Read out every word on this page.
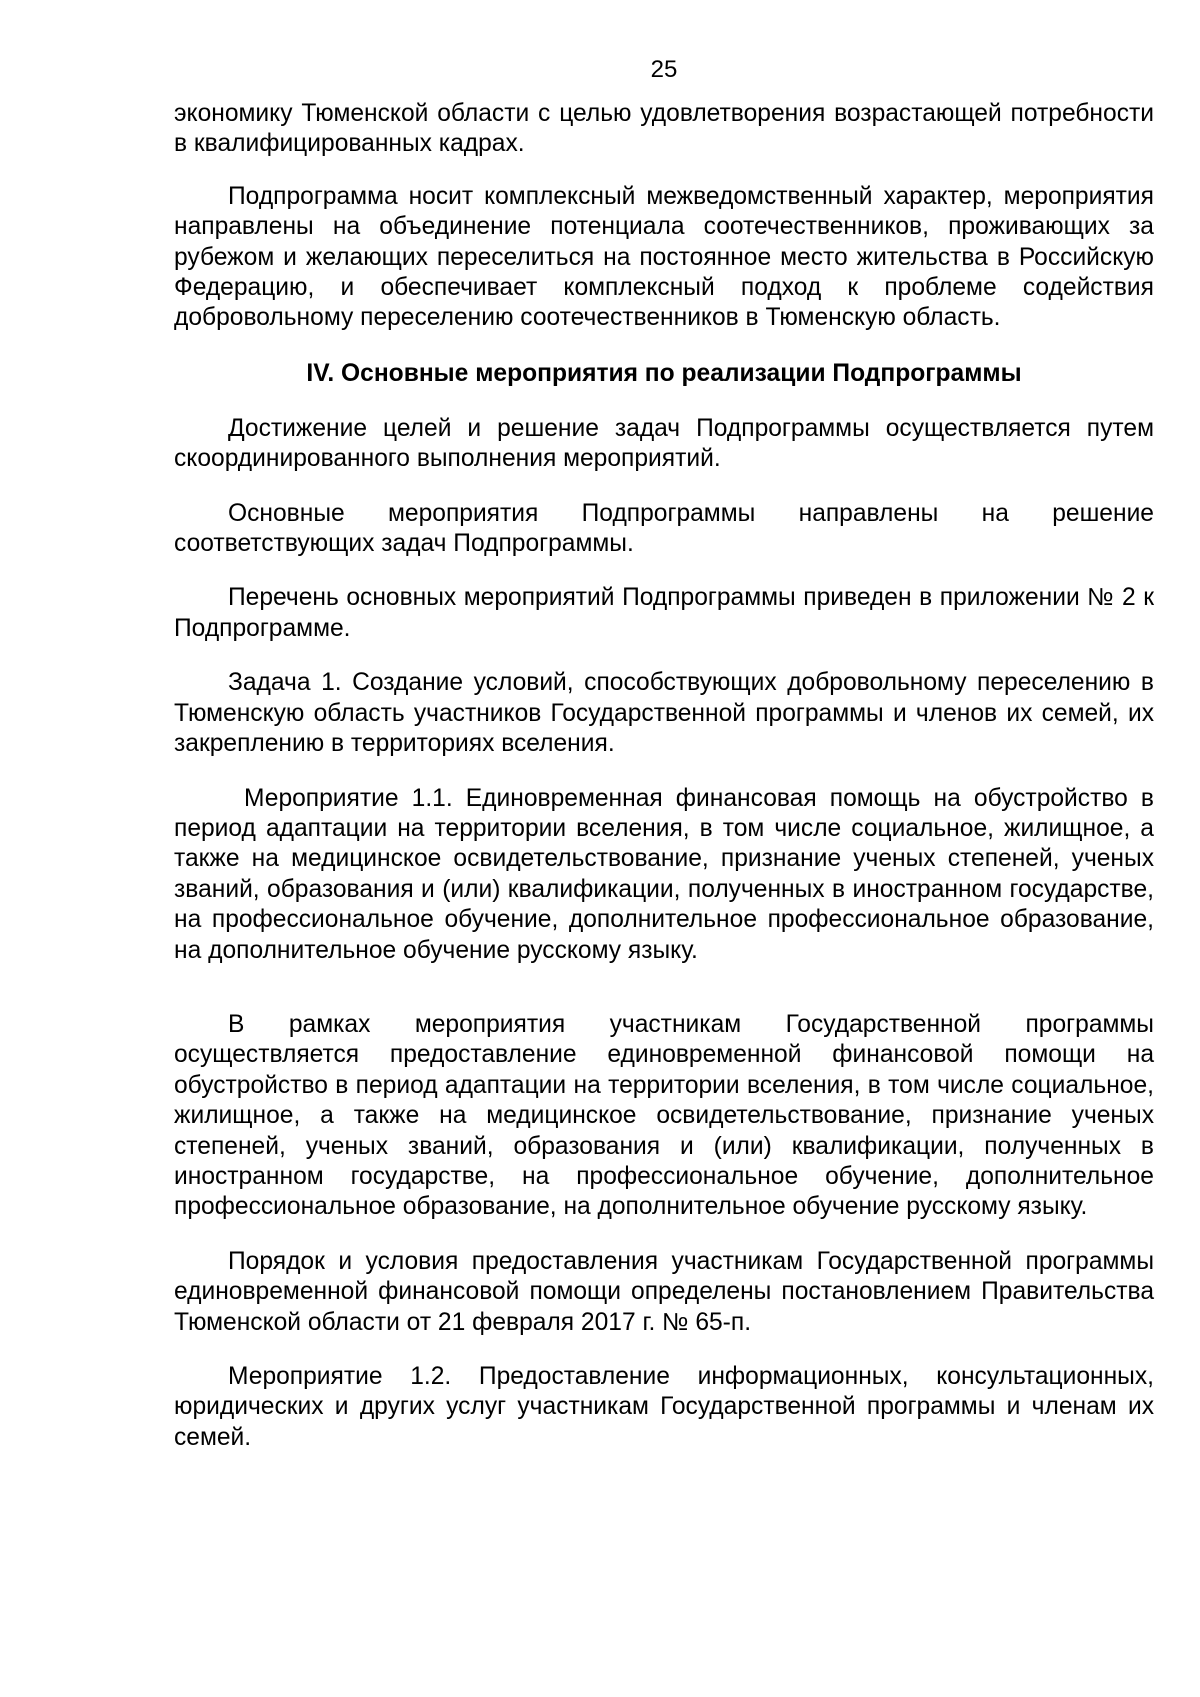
25

экономику Тюменской области с целью удовлетворения возрастающей потребности в квалифицированных кадрах.

Подпрограмма носит комплексный межведомственный характер, мероприятия направлены на объединение потенциала соотечественников, проживающих за рубежом и желающих переселиться на постоянное место жительства в Российскую Федерацию, и обеспечивает комплексный подход к проблеме содействия добровольному переселению соотечественников в Тюменскую область.

IV. Основные мероприятия по реализации Подпрограммы

Достижение целей и решение задач Подпрограммы осуществляется путем скоординированного выполнения мероприятий.

Основные мероприятия Подпрограммы направлены на решение соответствующих задач Подпрограммы.

Перечень основных мероприятий Подпрограммы приведен в приложении № 2 к Подпрограмме.

Задача 1. Создание условий, способствующих добровольному переселению в Тюменскую область участников Государственной программы и членов их семей, их закреплению в территориях вселения.

Мероприятие 1.1. Единовременная финансовая помощь на обустройство в период адаптации на территории вселения, в том числе социальное, жилищное, а также на медицинское освидетельствование, признание ученых степеней, ученых званий, образования и (или) квалификации, полученных в иностранном государстве, на профессиональное обучение, дополнительное профессиональное образование, на дополнительное обучение русскому языку.

В рамках мероприятия участникам Государственной программы осуществляется предоставление единовременной финансовой помощи на обустройство в период адаптации на территории вселения, в том числе социальное, жилищное, а также на медицинское освидетельствование, признание ученых степеней, ученых званий, образования и (или) квалификации, полученных в иностранном государстве, на профессиональное обучение, дополнительное профессиональное образование, на дополнительное обучение русскому языку.

Порядок и условия предоставления участникам Государственной программы единовременной финансовой помощи определены постановлением Правительства Тюменской области от 21 февраля 2017 г. № 65-п.

Мероприятие 1.2. Предоставление информационных, консультационных, юридических и других услуг участникам Государственной программы и членам их семей.
